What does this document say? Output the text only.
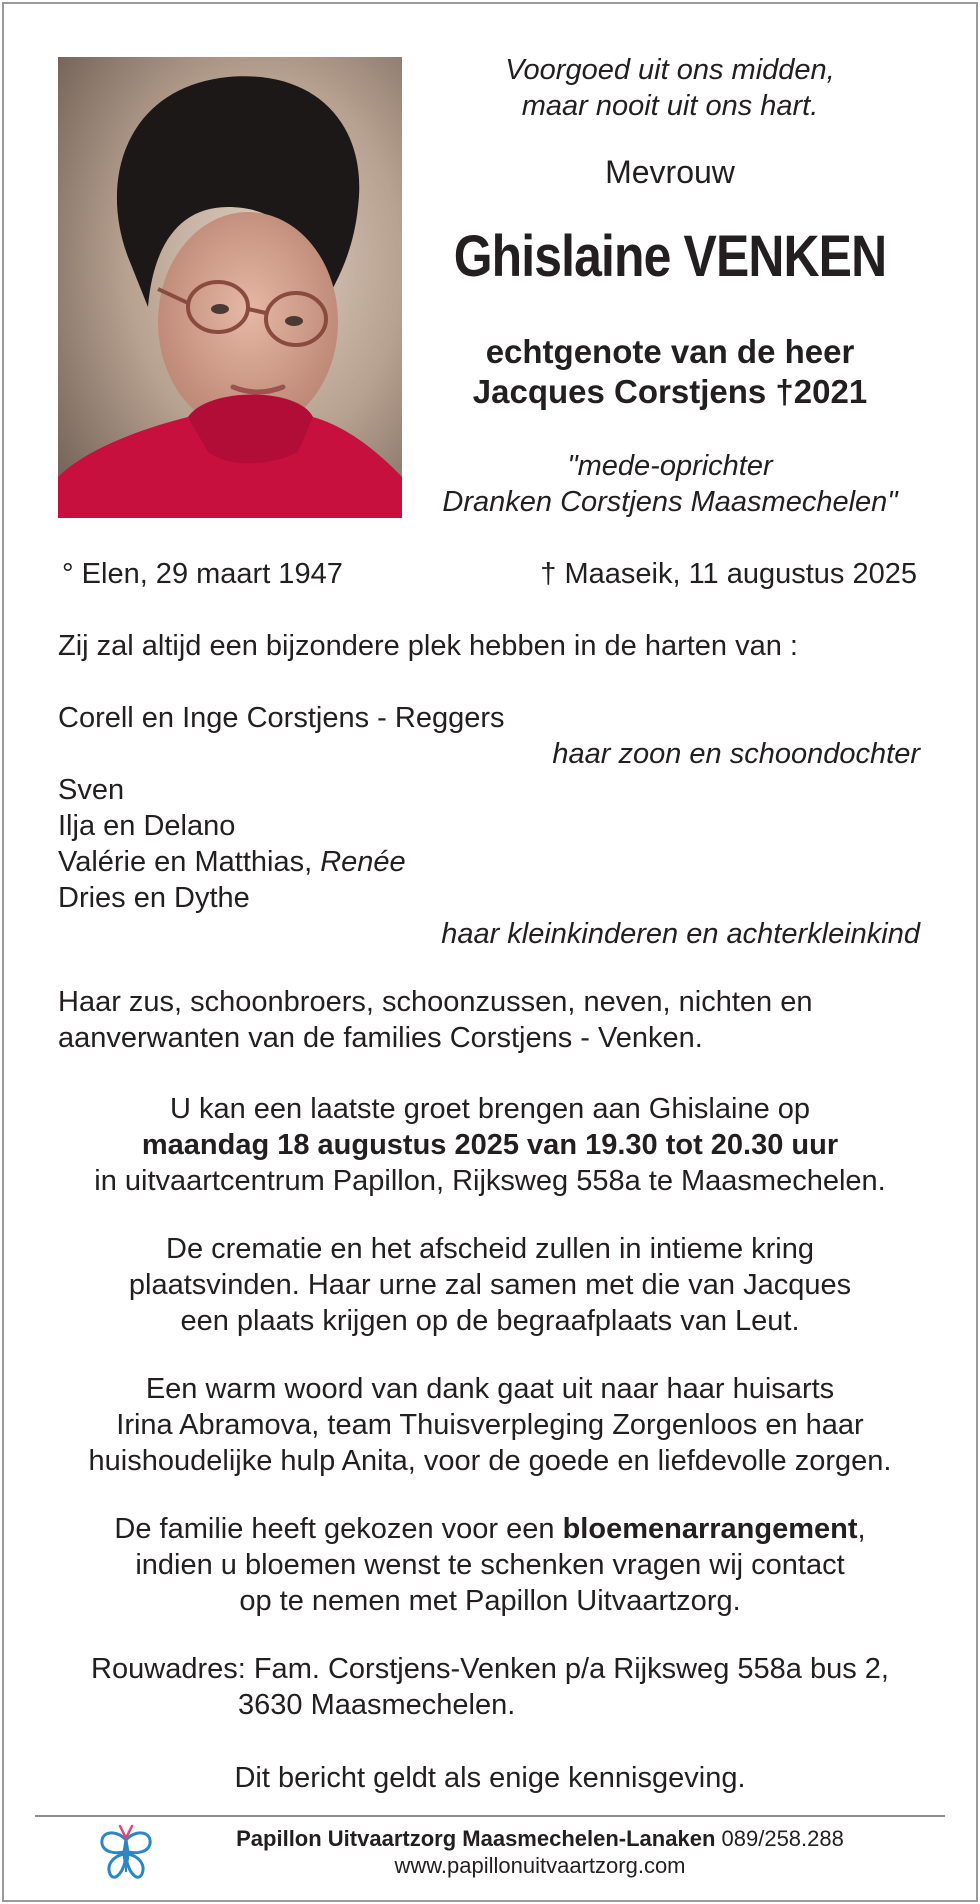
Voorgoed uit ons midden,
maar nooit uit ons hart.
Mevrouw
Ghislaine VENKEN
echtgenote van de heer
Jacques Corstjens †2021
"mede-oprichter
Dranken Corstjens Maasmechelen"
° Elen, 29 maart 1947	† Maaseik, 11 augustus 2025
Zij zal altijd een bijzondere plek hebben in de harten van :
Corell en Inge Corstjens - Reggers
haar zoon en schoondochter
Sven
Ilja en Delano
Valérie en Matthias, Renée
Dries en Dythe
haar kleinkinderen en achterkleinkind
Haar zus, schoonbroers, schoonzussen, neven, nichten en
aanverwanten van de families Corstjens - Venken.
U kan een laatste groet brengen aan Ghislaine op
maandag 18 augustus 2025 van 19.30 tot 20.30 uur
in uitvaartcentrum Papillon, Rijksweg 558a te Maasmechelen.
De crematie en het afscheid zullen in intieme kring
plaatsvinden. Haar urne zal samen met die van Jacques
een plaats krijgen op de begraafplaats van Leut.
Een warm woord van dank gaat uit naar haar huisarts
Irina Abramova, team Thuisverpleging Zorgenloos en haar
huishoudelijke hulp Anita, voor de goede en liefdevolle zorgen.
De familie heeft gekozen voor een bloemenarrangement,
indien u bloemen wenst te schenken vragen wij contact
op te nemen met Papillon Uitvaartzorg.
Rouwadres: Fam. Corstjens-Venken p/a Rijksweg 558a bus 2,
3630 Maasmechelen.
Dit bericht geldt als enige kennisgeving.
Papillon Uitvaartzorg Maasmechelen-Lanaken 089/258.288
www.papillonuitvaartzorg.com
